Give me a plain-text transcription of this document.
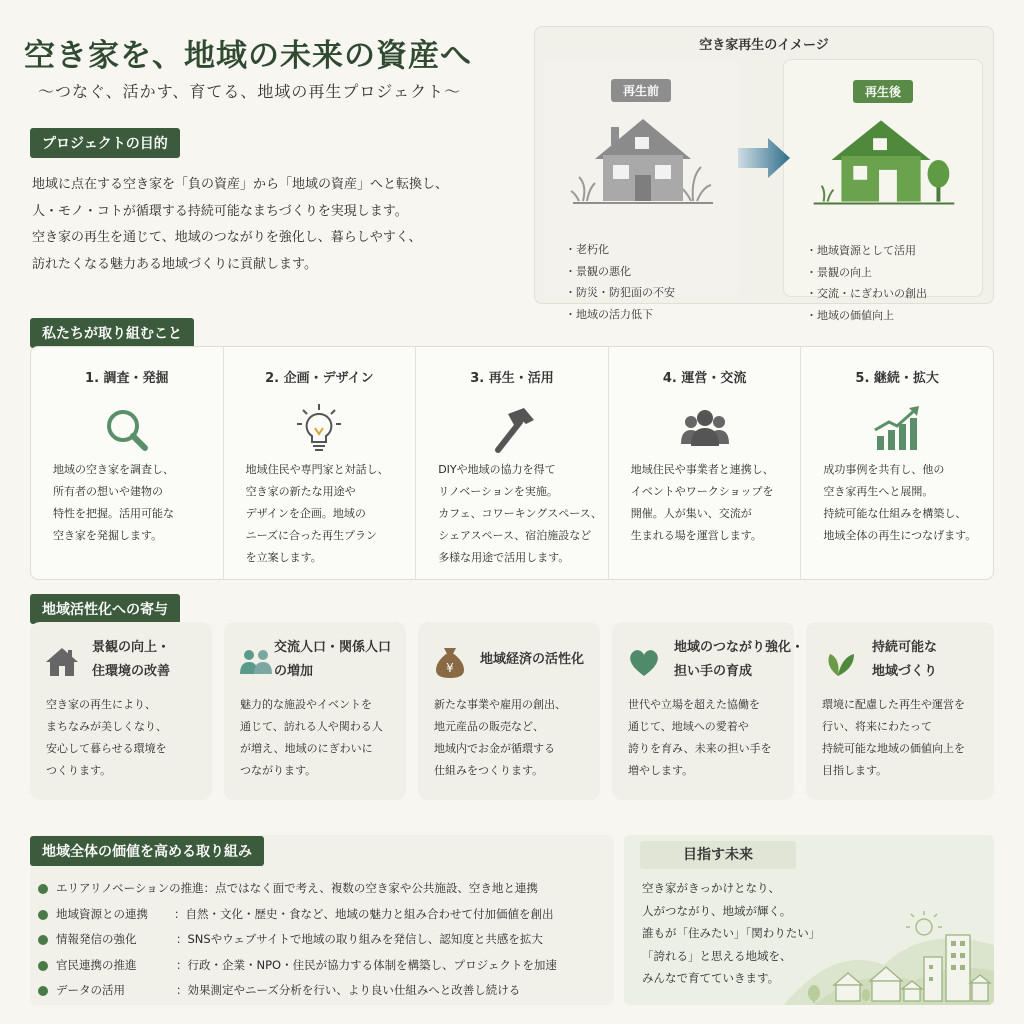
空き家を、地域の未来の資産へ
〜つなぐ、活かす、育てる、地域の再生プロジェクト〜
プロジェクトの目的

地域に点在する空き家を「負の資産」から「地域の資産」へと転換し、

人・モノ・コトが循環する持続可能なまちづくりを実現します。

空き家の再生を通じて、地域のつながりを強化し、暮らしやすく、

訪れたくなる魅力ある地域づくりに貢献します。

空き家再生のイメージ
再生前
・ 老朽化
・ 景観の悪化
・ 防災・防犯面の不安
・ 地域の活力低下
再生後
・ 地域資源として活用
・ 景観の向上
・ 交流・にぎわいの創出
・ 地域の価値向上
私たちが取り組むこと
1. 調査・発掘

地域の空き家を調査し、

所有者の想いや建物の

特性を把握。活用可能な

空き家を発掘します。

2. 企画・デザイン

地域住民や専門家と対話し、

空き家の新たな用途や

デザインを企画。地域の

ニーズに合った再生プラン

を立案します。

3. 再生・活用

DIYや地域の協力を得て

リノベーションを実施。

カフェ、コワーキングスペース、

シェアスペース、宿泊施設など

多様な用途で活用します。

4. 運営・交流

地域住民や事業者と連携し、

イベントやワークショップを

開催。人が集い、交流が

生まれる場を運営します。

5. 継続・拡大

成功事例を共有し、他の

空き家再生へと展開。

持続可能な仕組みを構築し、

地域全体の再生につなげます。

地域活性化への寄与

景観の向上・

住環境の改善

空き家の再生により、

まちなみが美しくなり、

安心して暮らせる環境を

つくります。

交流人口・関係人口

の増加

魅力的な施設やイベントを

通じて、訪れる人や関わる人

が増え、地域のにぎわいに

つながります。

¥

地域経済の活性化

新たな事業や雇用の創出、

地元産品の販売など、

地域内でお金が循環する

仕組みをつくります。

地域のつながり強化・

担い手の育成

世代や立場を超えた協働を

通じて、地域への愛着や

誇りを育み、未来の担い手を

増やします。

持続可能な

地域づくり

環境に配慮した再生や運営を

行い、将来にわたって

持続可能な地域の価値向上を

目指します。

地域全体の価値を高める取り組み
エリアリノベーションの推進：点ではなく面で考え、複数の空き家や公共施設、空き地と連携
地域資源との連携 ：自然・文化・歴史・食など、地域の魅力と組み合わせて付加価値を創出
情報発信の強化	：SNSやウェブサイトで地域の取り組みを発信し、認知度と共感を拡大
官民連携の推進	：行政・企業・NPO・住民が協力する体制を構築し、プロジェクトを加速
データの活用	：効果測定やニーズ分析を行い、より良い仕組みへと改善し続ける
目指す未来

空き家がきっかけとなり、

人がつながり、地域が輝く。

誰もが「住みたい」「関わりたい」

「誇れる」と思える地域を、

みんなで育てていきます。
